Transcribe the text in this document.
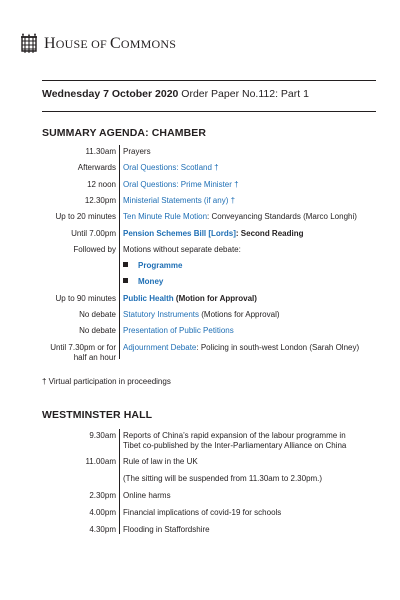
HOUSE OF COMMONS
Wednesday 7 October 2020 Order Paper No.112: Part 1
SUMMARY AGENDA: CHAMBER
11.30am Prayers
Afterwards Oral Questions: Scotland †
12 noon Oral Questions: Prime Minister †
12.30pm Ministerial Statements (if any) †
Up to 20 minutes Ten Minute Rule Motion: Conveyancing Standards (Marco Longhi)
Until 7.00pm Pension Schemes Bill [Lords]: Second Reading
Followed by Motions without separate debate:
Programme
Money
Up to 90 minutes Public Health (Motion for Approval)
No debate Statutory Instruments (Motions for Approval)
No debate Presentation of Public Petitions
Until 7.30pm or for half an hour
Adjournment Debate: Policing in south-west London (Sarah Olney)
† Virtual participation in proceedings
WESTMINSTER HALL
9.30am Reports of China’s rapid expansion of the labour programme in Tibet co-published by the Inter-Parliamentary Alliance on China
11.00am Rule of law in the UK
(The sitting will be suspended from 11.30am to 2.30pm.)
2.30pm Online harms
4.00pm Financial implications of covid-19 for schools
4.30pm Flooding in Staffordshire
